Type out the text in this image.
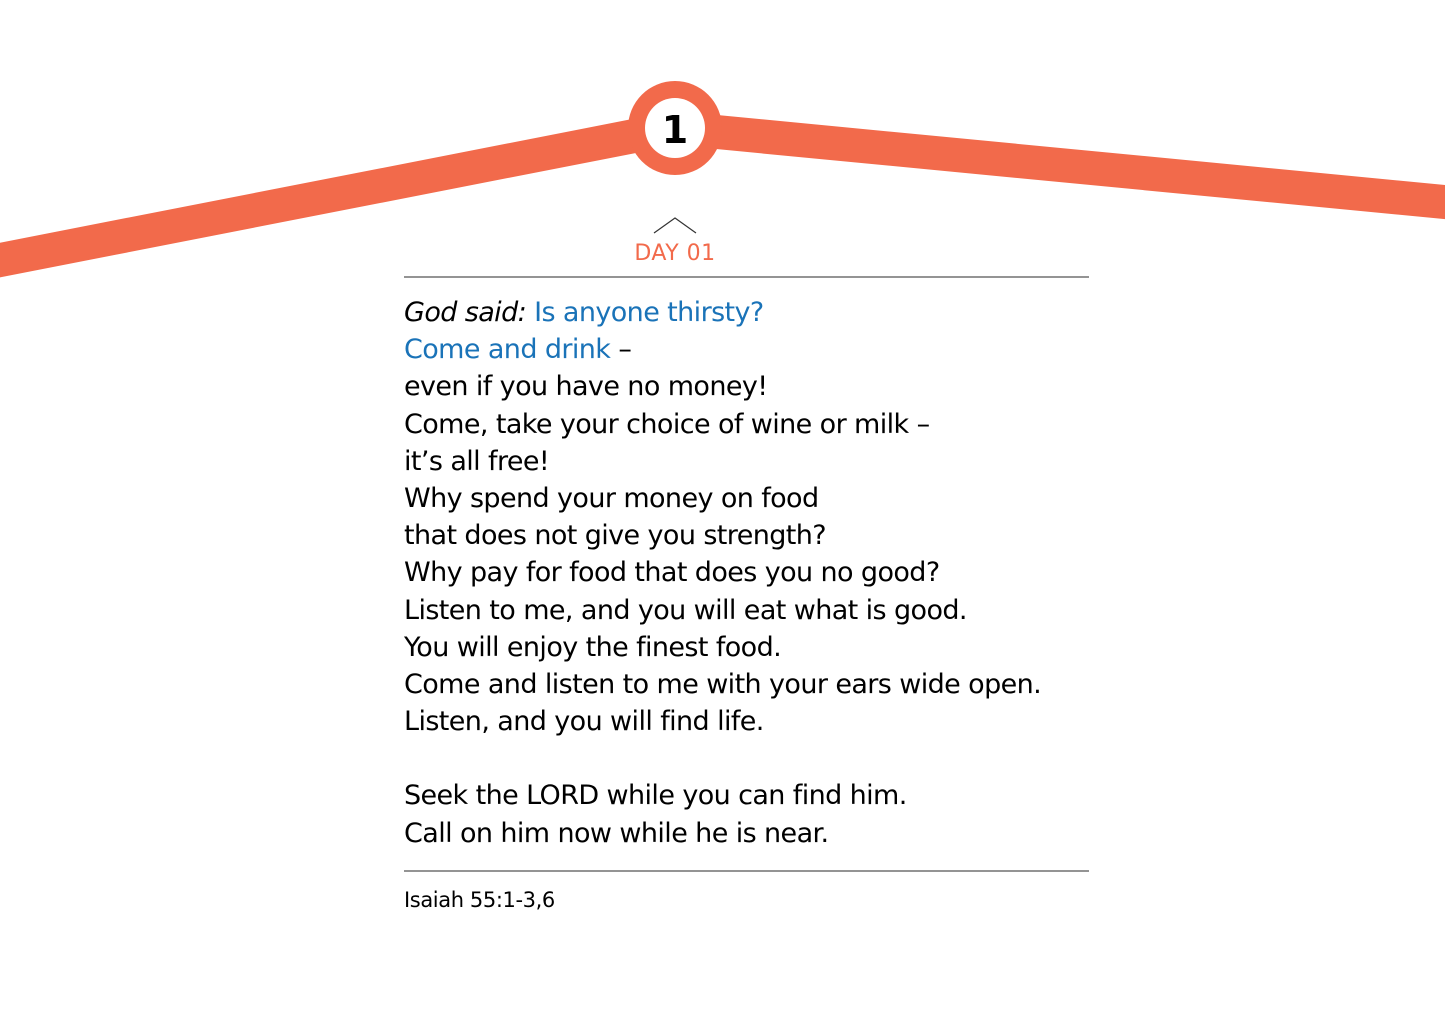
1
DAY 01
God said: Is anyone thirsty?
Come and drink –
even if you have no money!
Come, take your choice of wine or milk –
it’s all free!
Why spend your money on food
that does not give you strength?
Why pay for food that does you no good?
Listen to me, and you will eat what is good.
You will enjoy the finest food.
Come and listen to me with your ears wide open.
Listen, and you will find life.
Seek the LORD while you can find him.
Call on him now while he is near.
Isaiah 55:1-3,6
